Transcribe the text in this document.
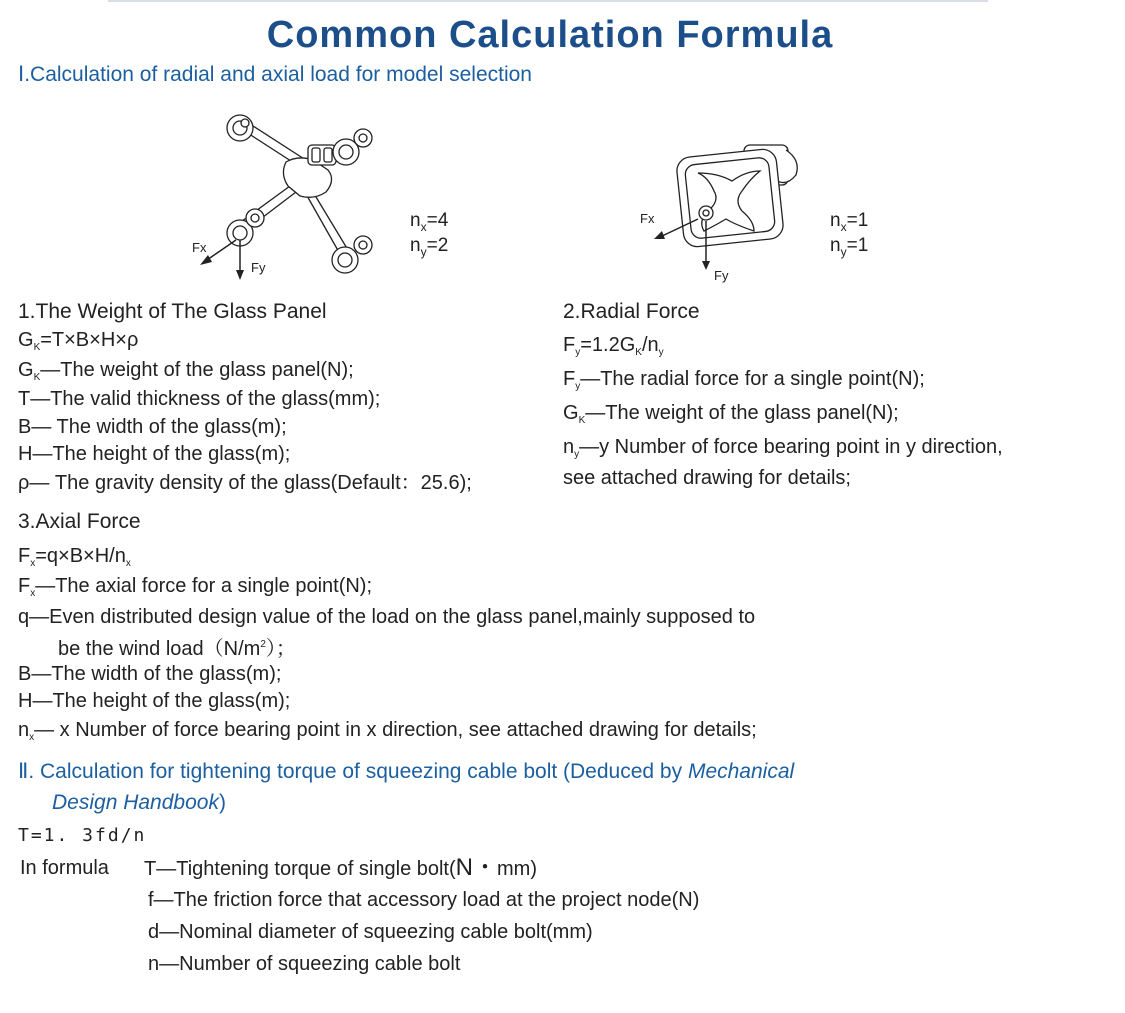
Common Calculation Formula
Ⅰ.Calculation of radial and axial load for model selection
Fx
Fy
$n_x=4$
$n_y=2$
Fx
Fy
$n_x=1$
$n_y=1$
1.The Weight of The Glass Panel
$G_K=T\times B\times H\times\rho$
$G_K—The$ weight of the glass panel(N);
T—The valid thickness of the glass(mm);
B— The width of the glass(m);
H—The height of the glass(m);
ρ— The gravity density of the glass(Default：25.6);
2.Radial Force
$F_y=1.2G_K/n_y$
$F_y—The$ radial force for a single point(N);
$G_K—The$ weight of the glass panel(N);
$n_y—y$ Number of force bearing point in y direction,
see attached drawing for details;
3.Axial Force
$F_x=q\times B\times H/n_x$
$F_x—The$ axial force for a single point(N);
q—Even distributed design value of the load on the glass panel,mainly supposed to
be the wind $load(N/m^2)$；
B—The width of the glass(m);
H—The height of the glass(m);
$n_x—$ x Number of force bearing point in x direction, see attached drawing for details;
Ⅱ. Calculation for tightening torque of squeezing cable bolt (Deduced by Mechanical
Design Handbook)
T=1. 3fd/n
In formula T—Tightening torque of single bolt(N・mm)
f—The friction force that accessory load at the project node(N)
d—Nominal diameter of squeezing cable bolt(mm)
n—Number of squeezing cable bolt
